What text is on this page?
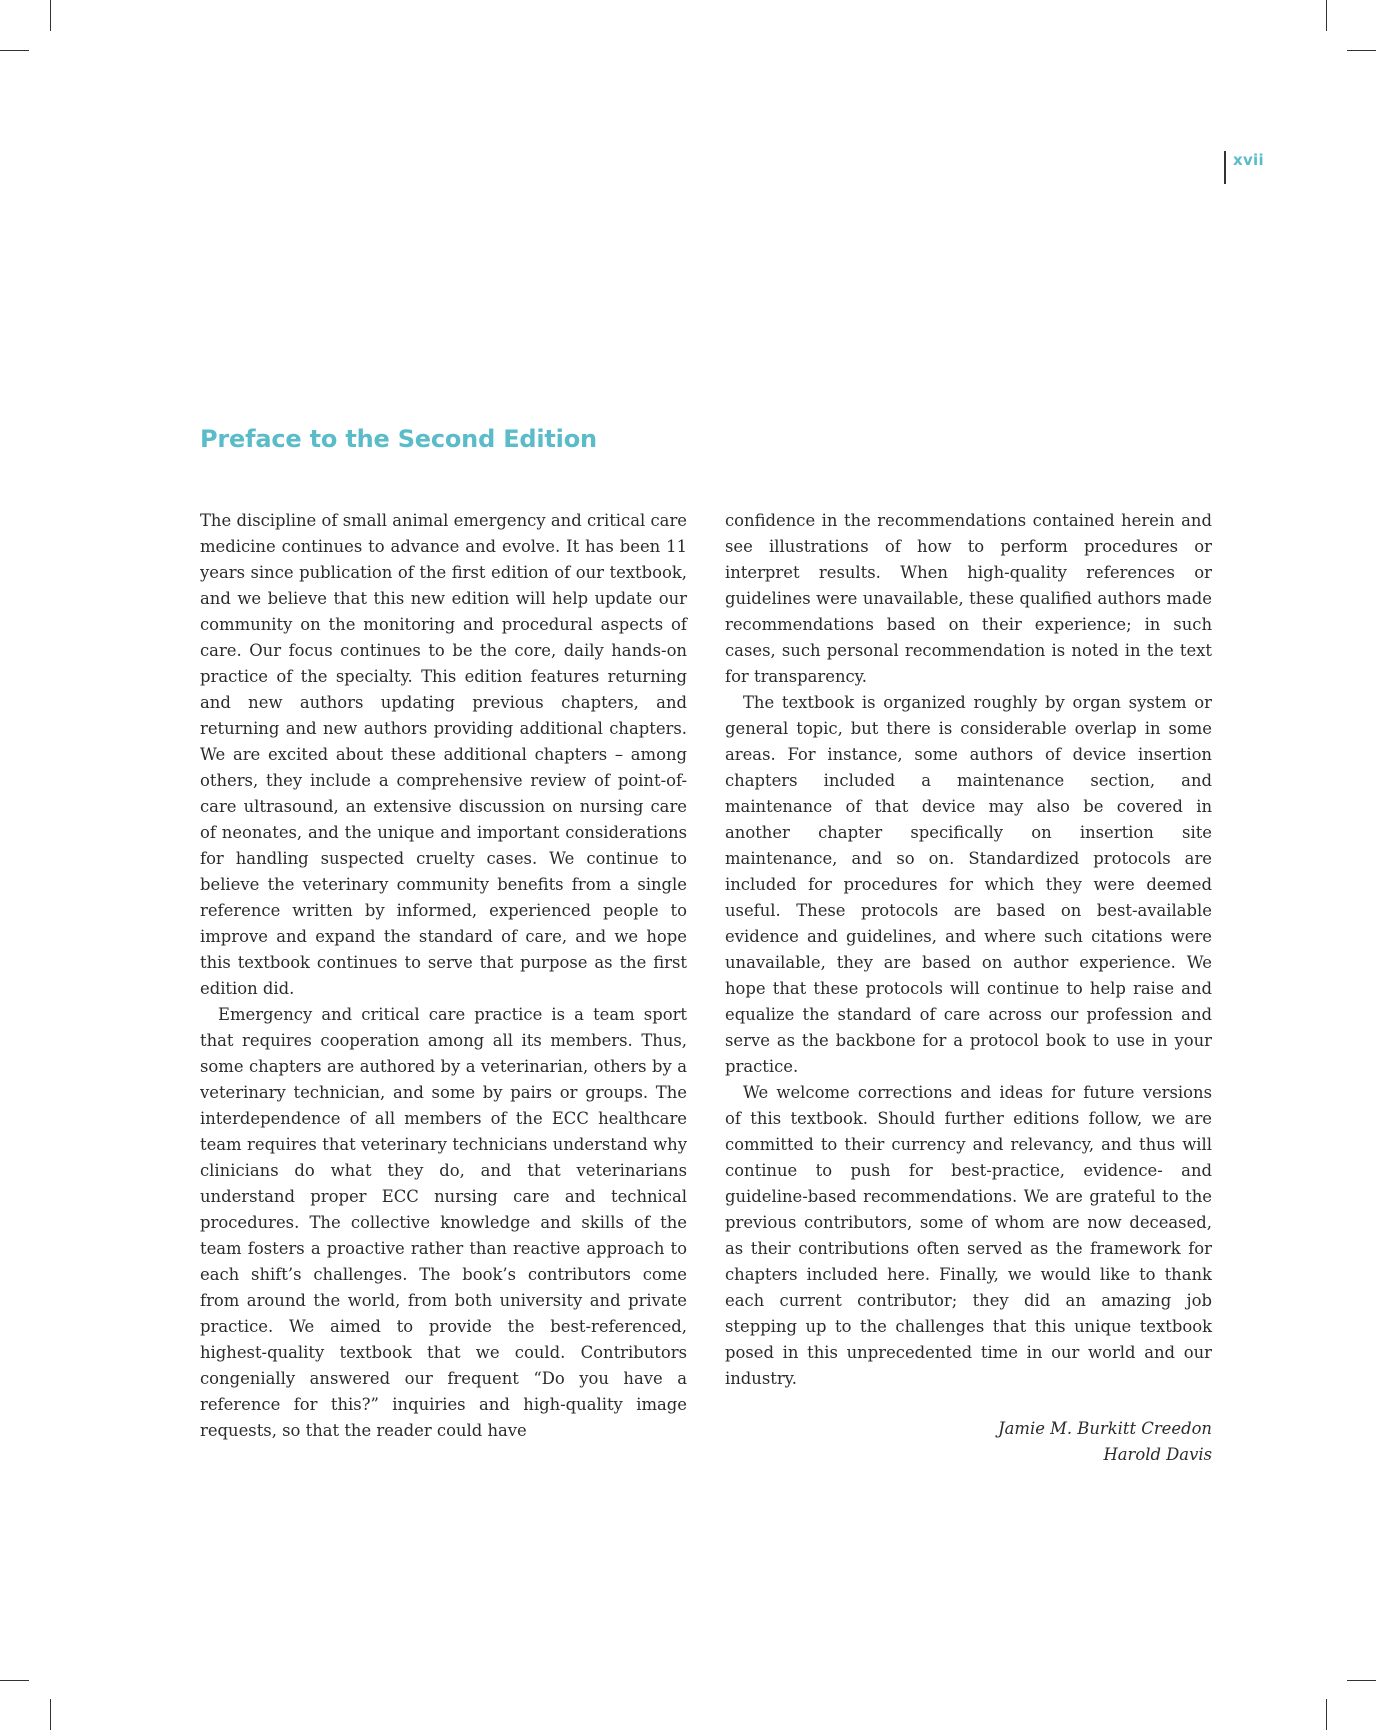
xvii
Preface to the Second Edition

The discipline of small animal emergency and critical care medicine continues to advance and evolve. It has been 11 years since publication of the first edition of our textbook, and we believe that this new edition will help update our community on the monitoring and procedural aspects of care. Our focus continues to be the core, daily hands-on practice of the specialty. This edition features returning and new authors updating previous chapters, and returning and new authors providing additional chapters. We are excited about these additional chapters – among others, they include a comprehensive review of point-of-care ultrasound, an extensive discussion on nursing care of neonates, and the unique and important considerations for handling suspected cruelty cases. We continue to believe the veterinary community benefits from a single reference written by informed, experienced people to improve and expand the standard of care, and we hope this textbook continues to serve that purpose as the first edition did.

Emergency and critical care practice is a team sport that requires cooperation among all its members. Thus, some chapters are authored by a veterinarian, others by a veterinary technician, and some by pairs or groups. The interdependence of all members of the ECC healthcare team requires that veterinary technicians understand why clinicians do what they do, and that veterinarians understand proper ECC nursing care and technical procedures. The collective knowledge and skills of the team fosters a proactive rather than reactive approach to each shift’s challenges. The book’s contributors come from around the world, from both university and private practice. We aimed to provide the best-referenced, highest-quality textbook that we could. Contributors congenially answered our frequent “Do you have a reference for this?” inquiries and high-quality image requests, so that the reader could have

confidence in the recommendations contained herein and see illustrations of how to perform procedures or interpret results. When high-quality references or guidelines were unavailable, these qualified authors made recommendations based on their experience; in such cases, such personal recommendation is noted in the text for transparency.

The textbook is organized roughly by organ system or general topic, but there is considerable overlap in some areas. For instance, some authors of device insertion chapters included a maintenance section, and maintenance of that device may also be covered in another chapter specifically on insertion site maintenance, and so on. Standardized protocols are included for procedures for which they were deemed useful. These protocols are based on best-available evidence and guidelines, and where such citations were unavailable, they are based on author experience. We hope that these protocols will continue to help raise and equalize the standard of care across our profession and serve as the backbone for a protocol book to use in your practice.

We welcome corrections and ideas for future versions of this textbook. Should further editions follow, we are committed to their currency and relevancy, and thus will continue to push for best-practice, evidence- and guideline-based recommendations. We are grateful to the previous contributors, some of whom are now deceased, as their contributions often served as the framework for chapters included here. Finally, we would like to thank each current contributor; they did an amazing job stepping up to the challenges that this unique textbook posed in this unprecedented time in our world and our industry.

Jamie M. Burkitt Creedon
Harold Davis
